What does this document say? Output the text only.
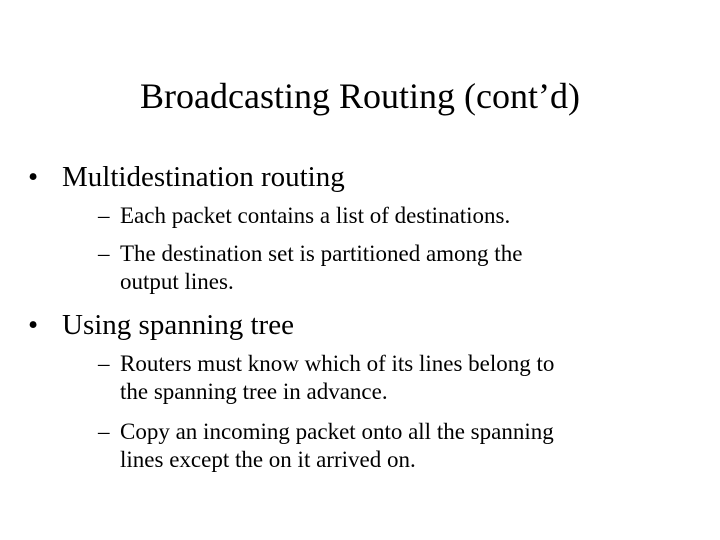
Broadcasting Routing (cont’d)
• Multidestination routing
– Each packet contains a list of destinations.
– The destination set is partitioned among the
output lines.
• Using spanning tree
– Routers must know which of its lines belong to
the spanning tree in advance.
– Copy an incoming packet onto all the spanning
lines except the on it arrived on.
